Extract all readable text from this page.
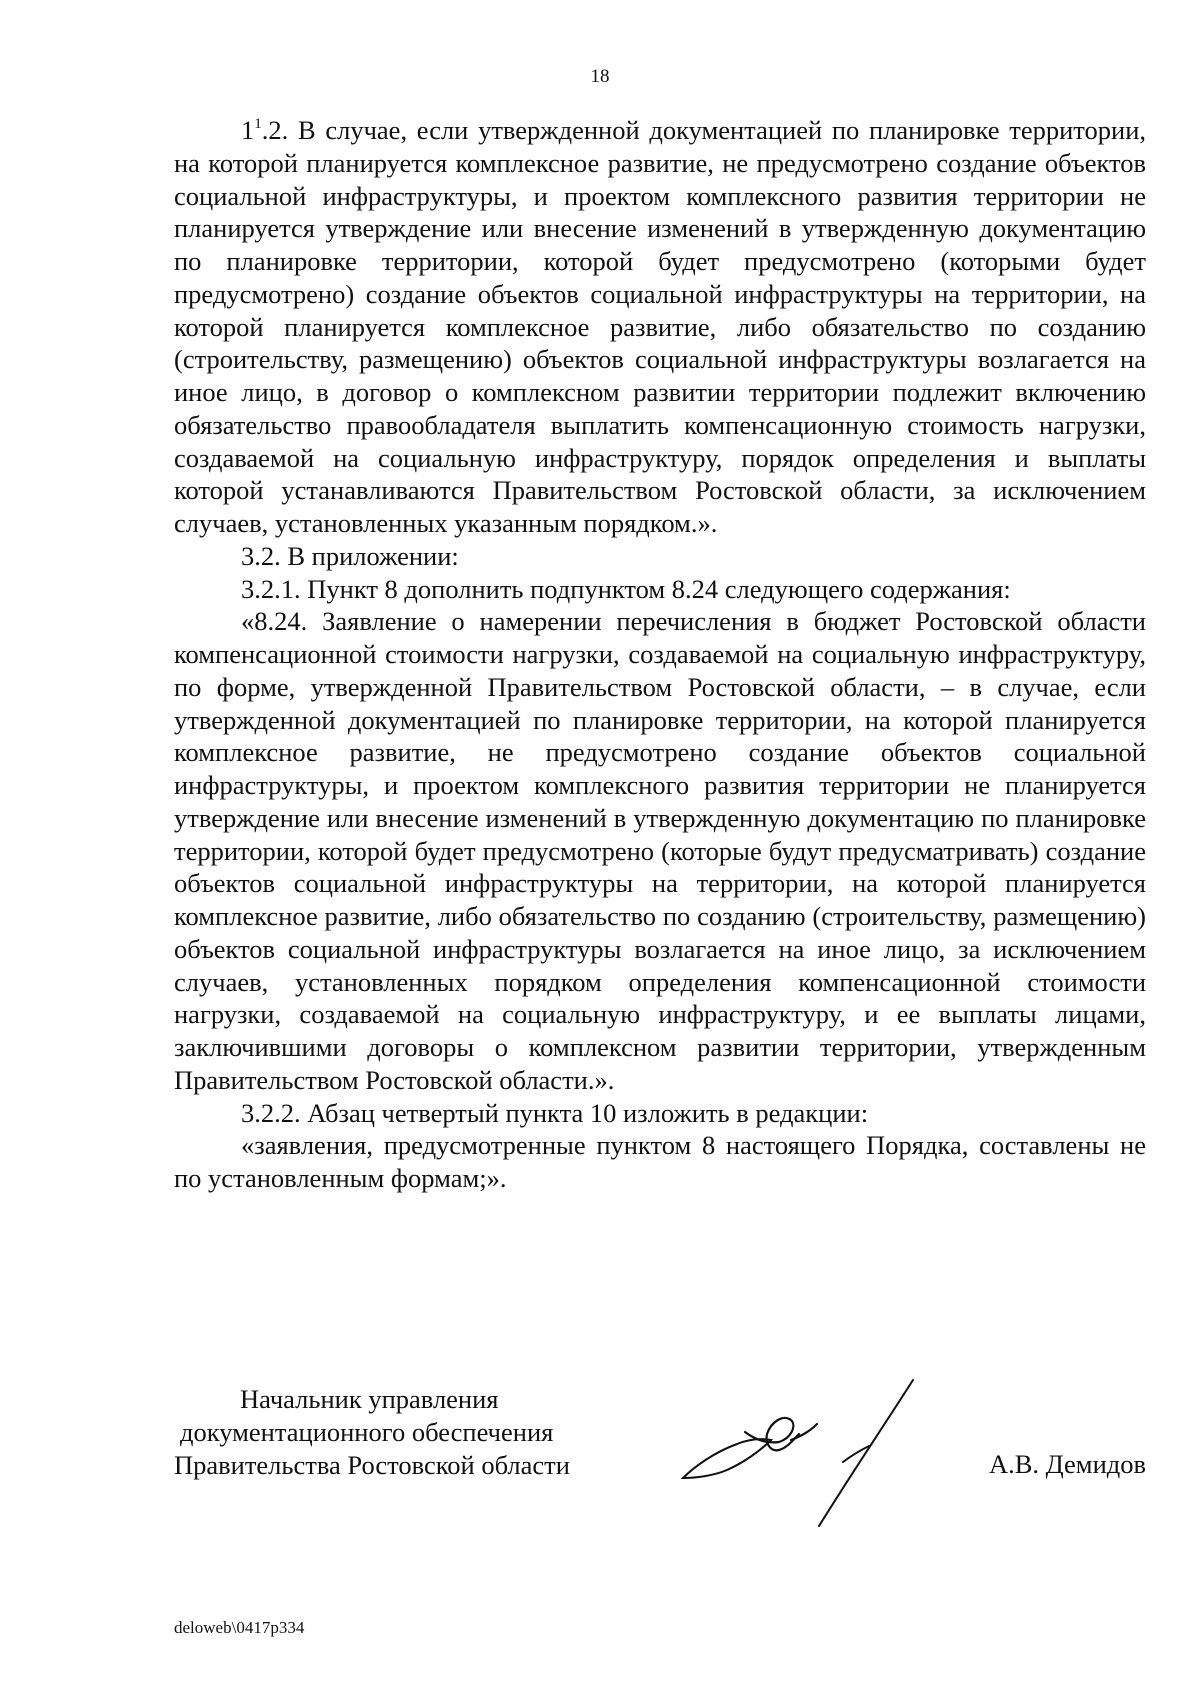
18

$1^1.2$. В случае, если утвержденной документацией по планировке территории, на которой планируется комплексное развитие, не предусмотрено создание объектов социальной инфраструктуры, и проектом комплексного развития территории не планируется утверждение или внесение изменений в утвержденную документацию по планировке территории, которой будет предусмотрено (которыми будет предусмотрено) создание объектов социальной инфраструктуры на территории, на которой планируется комплексное развитие, либо обязательство по созданию (строительству, размещению) объектов социальной инфраструктуры возлагается на иное лицо, в договор о комплексном развитии территории подлежит включению обязательство правообладателя выплатить компенсационную стоимость нагрузки, создаваемой на социальную инфраструктуру, порядок определения и выплаты которой устанавливаются Правительством Ростовской области, за исключением случаев, установленных указанным порядком.».

3.2. В приложении:

3.2.1. Пункт 8 дополнить подпунктом 8.24 следующего содержания:

«8.24. Заявление о намерении перечисления в бюджет Ростовской области компенсационной стоимости нагрузки, создаваемой на социальную инфраструктуру, по форме, утвержденной Правительством Ростовской области, – в случае, если утвержденной документацией по планировке территории, на которой планируется комплексное развитие, не предусмотрено создание объектов социальной инфраструктуры, и проектом комплексного развития территории не планируется утверждение или внесение изменений в утвержденную документацию по планировке территории, которой будет предусмотрено (которые будут предусматривать) создание объектов социальной инфраструктуры на территории, на которой планируется комплексное развитие, либо обязательство по созданию (строительству, размещению) объектов социальной инфраструктуры возлагается на иное лицо, за исключением случаев, установленных порядком определения компенсационной стоимости нагрузки, создаваемой на социальную инфраструктуру, и ее выплаты лицами, заключившими договоры о комплексном развитии территории, утвержденным Правительством Ростовской области.».

3.2.2. Абзац четвертый пункта 10 изложить в редакции:

«заявления, предусмотренные пунктом 8 настоящего Порядка, составлены не по установленным формам;».

Начальник управления
документационного обеспечения
Правительства Ростовской области	А.В. Демидов
deloweb\0417p334
